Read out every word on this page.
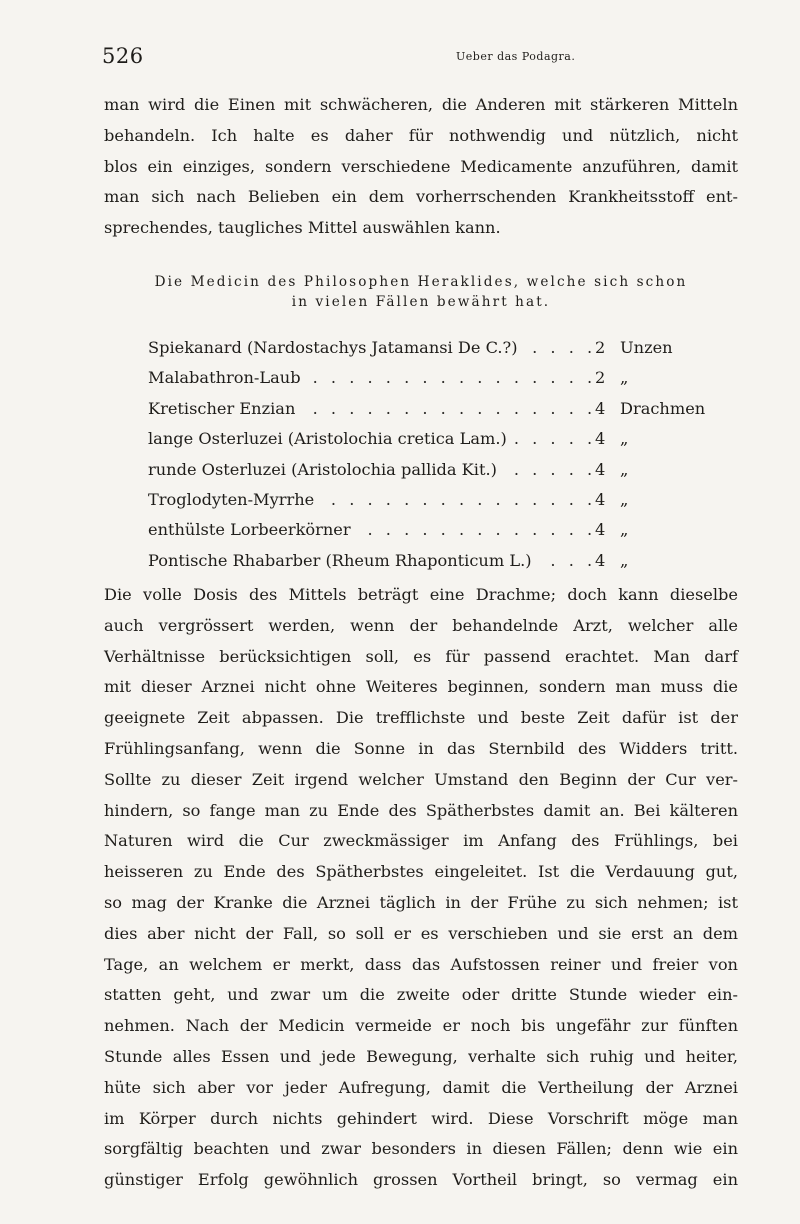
526	Ueber das Podagra.

man wird die Einen mit schwächeren, die Anderen mit stärkeren Mitteln
behandeln. Ich halte es daher für nothwendig und nützlich, nicht
blos ein einziges, sondern verschiedene Medicamente anzuführen, damit
man sich nach Belieben ein dem vorherrschenden Krankheitsstoff ent-
sprechendes, taugliches Mittel auswählen kann.

Die Medicin des Philosophen Heraklides, welche sich schon
in vielen Fällen bewährt hat.
Spiekanard (Nardostachys Jatamansi De C.?) . . .	2 Unzen
Malabathron-Laub . . .	2 „
Kretischer Enzian . . .	4 Drachmen
lange Osterluzei (Aristolochia cretica Lam.) . . .	4 „
runde Osterluzei (Aristolochia pallida Kit.) . . .	4 „
Troglodyten-Myrrhe . . .	4 „
enthülste Lorbeerkörner . . .	4 „
Pontische Rhabarber (Rheum Rhaponticum L.) . . .	4 „

Die volle Dosis des Mittels beträgt eine Drachme; doch kann dieselbe
auch vergrössert werden, wenn der behandelnde Arzt, welcher alle
Verhältnisse berücksichtigen soll, es für passend erachtet. Man darf
mit dieser Arznei nicht ohne Weiteres beginnen, sondern man muss die
geeignete Zeit abpassen. Die trefflichste und beste Zeit dafür ist der
Frühlingsanfang, wenn die Sonne in das Sternbild des Widders tritt.
Sollte zu dieser Zeit irgend welcher Umstand den Beginn der Cur ver-
hindern, so fange man zu Ende des Spätherbstes damit an. Bei kälteren
Naturen wird die Cur zweckmässiger im Anfang des Frühlings, bei
heisseren zu Ende des Spätherbstes eingeleitet. Ist die Verdauung gut,
so mag der Kranke die Arznei täglich in der Frühe zu sich nehmen; ist
dies aber nicht der Fall, so soll er es verschieben und sie erst an dem
Tage, an welchem er merkt, dass das Aufstossen reiner und freier von
statten geht, und zwar um die zweite oder dritte Stunde wieder ein-
nehmen. Nach der Medicin vermeide er noch bis ungefähr zur fünften
Stunde alles Essen und jede Bewegung, verhalte sich ruhig und heiter,
hüte sich aber vor jeder Aufregung, damit die Vertheilung der Arznei
im Körper durch nichts gehindert wird. Diese Vorschrift möge man
sorgfältig beachten und zwar besonders in diesen Fällen; denn wie ein
günstiger Erfolg gewöhnlich grossen Vortheil bringt, so vermag ein
